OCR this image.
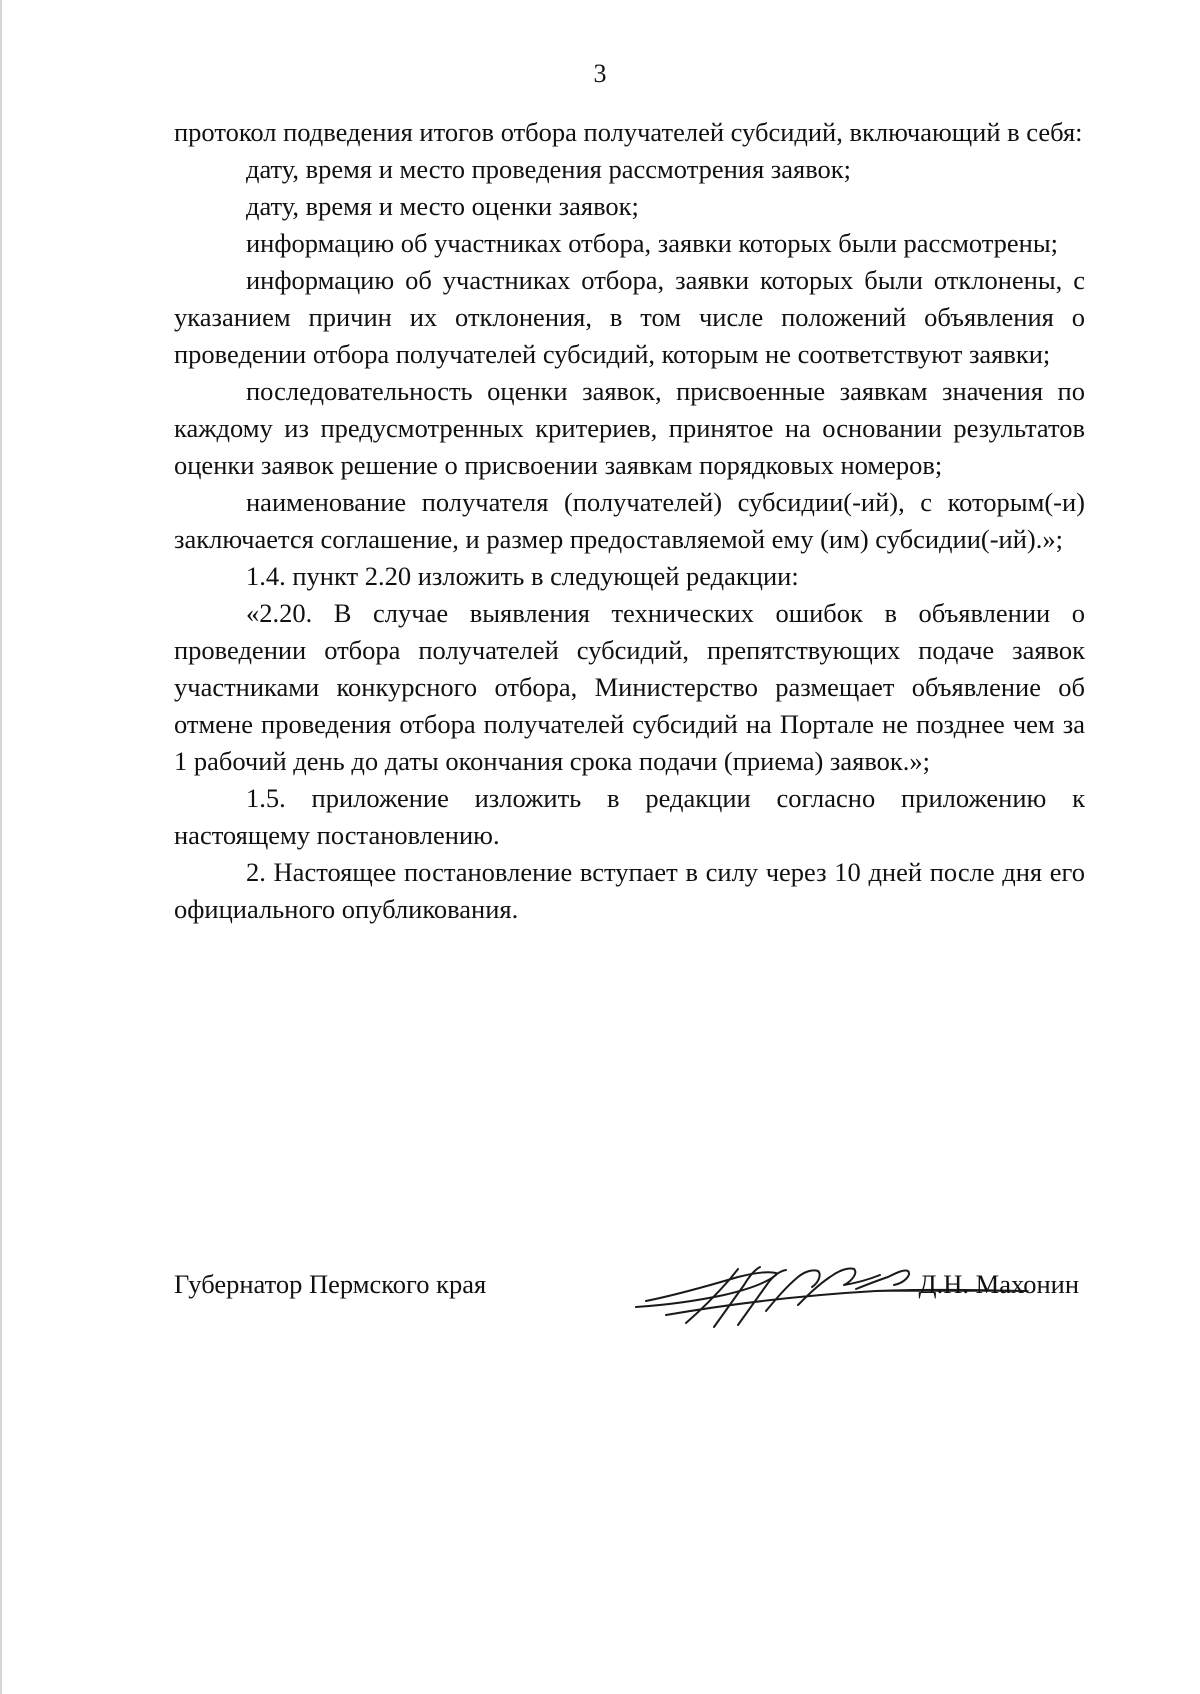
3

протокол подведения итогов отбора получателей субсидий, включающий в себя:

дату, время и место проведения рассмотрения заявок;

дату, время и место оценки заявок;

информацию об участниках отбора, заявки которых были рассмотрены;

информацию об участниках отбора, заявки которых были отклонены, с указанием причин их отклонения, в том числе положений объявления о проведении отбора получателей субсидий, которым не соответствуют заявки;

последовательность оценки заявок, присвоенные заявкам значения по каждому из предусмотренных критериев, принятое на основании результатов оценки заявок решение о присвоении заявкам порядковых номеров;

наименование получателя (получателей) субсидии(-ий), с которым(-и) заключается соглашение, и размер предоставляемой ему (им) субсидии(-ий).»;

1.4. пункт 2.20 изложить в следующей редакции:

«2.20. В случае выявления технических ошибок в объявлении о проведении отбора получателей субсидий, препятствующих подаче заявок участниками конкурсного отбора, Министерство размещает объявление об отмене проведения отбора получателей субсидий на Портале не позднее чем за 1 рабочий день до даты окончания срока подачи (приема) заявок.»;

1.5. приложение изложить в редакции согласно приложению к настоящему постановлению.

2. Настоящее постановление вступает в силу через 10 дней после дня его официального опубликования.

Губернатор Пермского края	Д.Н. Махонин
